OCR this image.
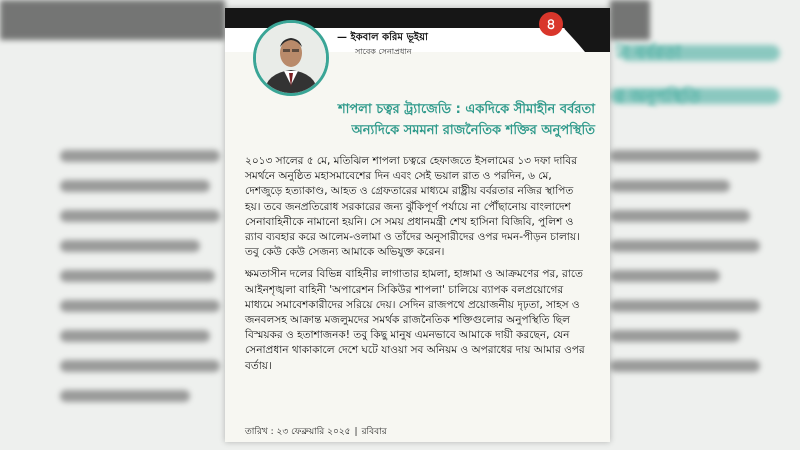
— ইকবাল করিম ভূইয়া
সাবেক সেনাপ্রধান
৪
শাপলা চত্বর ট্র্যাজেডি : একদিকে সীমাহীন বর্বরতা
অন্যদিকে সমমনা রাজনৈতিক শক্তির অনুপস্থিতি

২০১৩ সালের ৫ মে, মতিঝিল শাপলা চত্বরে হেফাজতে ইসলামের ১৩ দফা দাবির সমর্থনে অনুষ্ঠিত মহাসমাবেশের দিন এবং সেই ভয়াল রাত ও পরদিন, ৬ মে, দেশজুড়ে হত্যাকাণ্ড, আহত ও গ্রেফতারের মাধ্যমে রাষ্ট্রীয় বর্বরতার নজির স্থাপিত হয়। তবে জনপ্রতিরোধ সরকারের জন্য ঝুঁকিপূর্ণ পর্যায়ে না পৌঁছানোয় বাংলাদেশ সেনাবাহিনীকে নামানো হয়নি। সে সময় প্রধানমন্ত্রী শেখ হাসিনা বিজিবি, পুলিশ ও র‍্যাব ব্যবহার করে আলেম-ওলামা ও তাঁদের অনুসারীদের ওপর দমন-পীড়ন চালায়। তবু কেউ কেউ সেজন্য আমাকে অভিযুক্ত করেন।

ক্ষমতাসীন দলের বিভিন্ন বাহিনীর লাগাতার হামলা, হাঙ্গামা ও আক্রমণের পর, রাতে আইনশৃঙ্খলা বাহিনী 'অপারেশন সিকিউর শাপলা' চালিয়ে ব্যাপক বলপ্রয়োগের মাধ্যমে সমাবেশকারীদের সরিয়ে দেয়। সেদিন রাজপথে প্রয়োজনীয় দৃঢ়তা, সাহস ও জনবলসহ আক্রান্ত মজলুমদের সমর্থক রাজনৈতিক শক্তিগুলোর অনুপস্থিতি ছিল বিস্ময়কর ও হতাশাজনক! তবু কিছু মানুষ এমনভাবে আমাকে দায়ী করছেন, যেন সেনাপ্রধান থাকাকালে দেশে ঘটে যাওয়া সব অনিয়ম ও অপরাধের দায় আমার ওপর বর্তায়।

তারিখ : ২৩ ফেব্রুয়ারি ২০২৫ | রবিবার
টা বর্বরতা
র অনুপস্থিতি
